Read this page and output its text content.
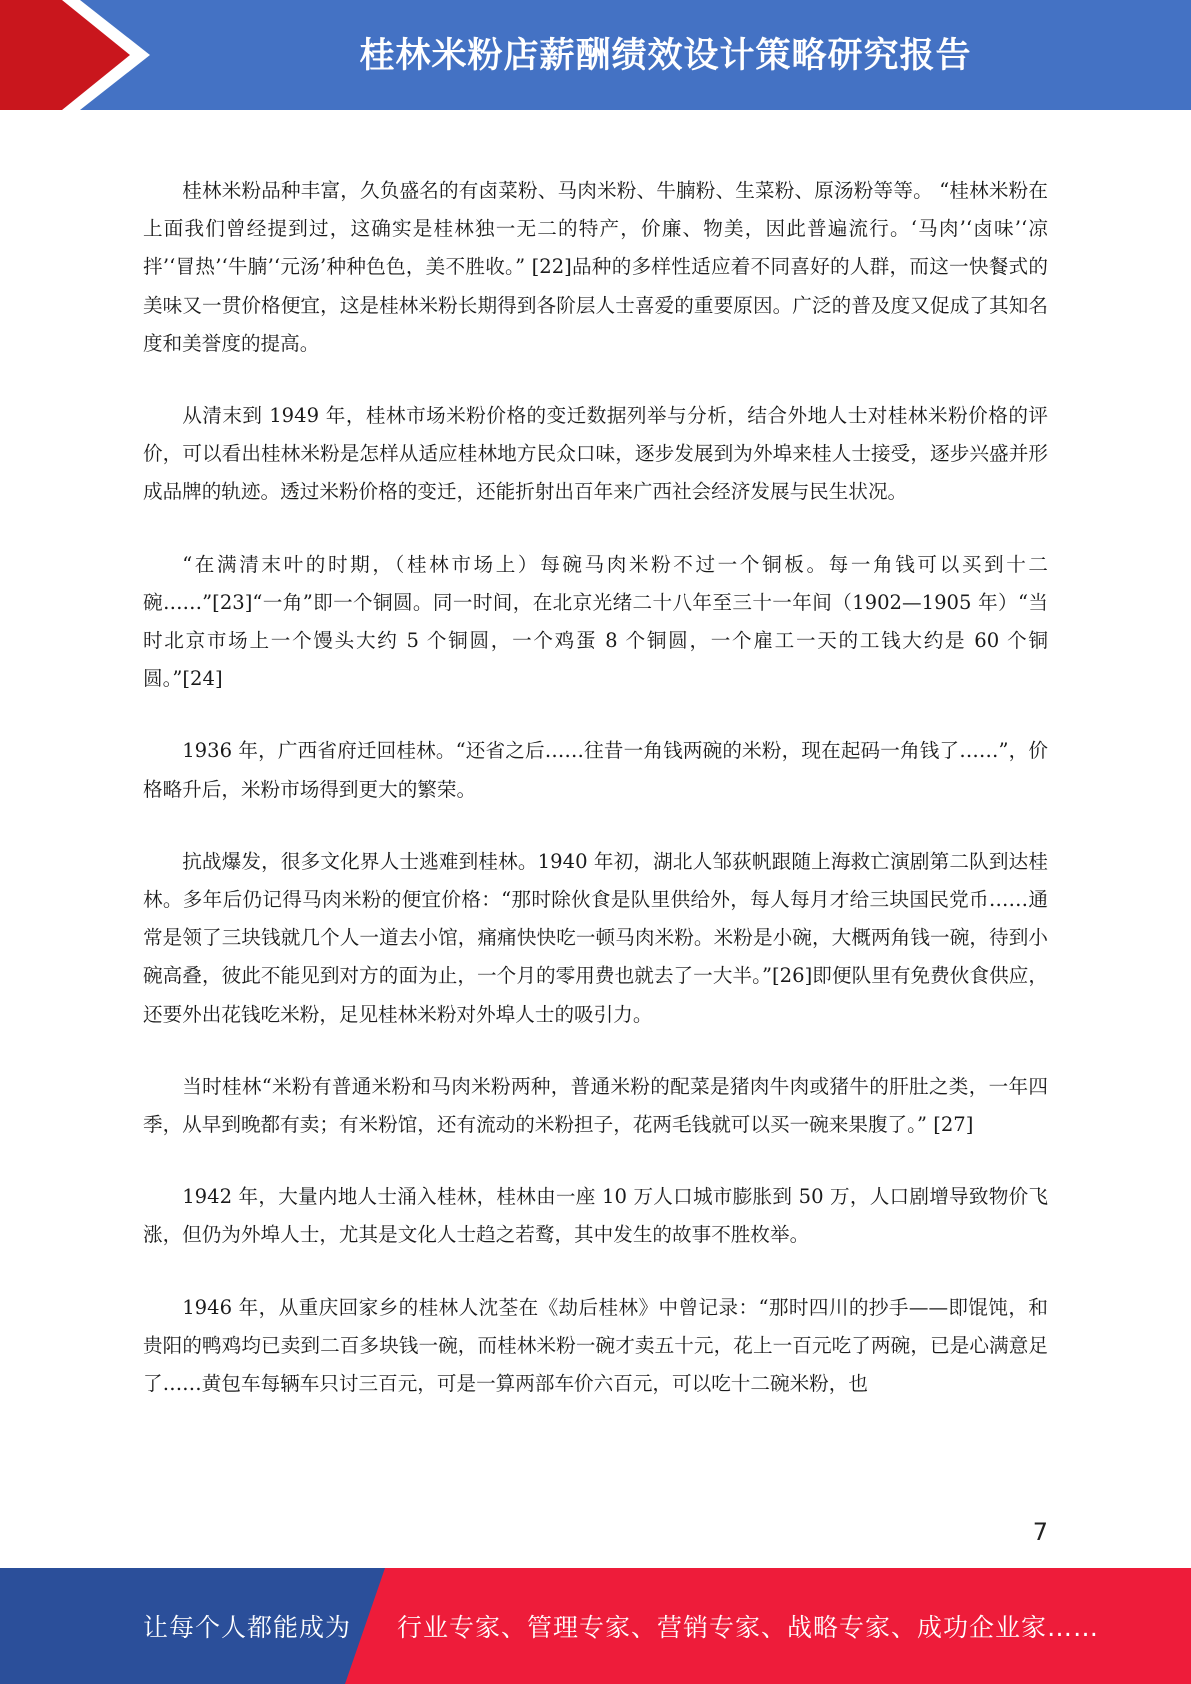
桂林米粉店薪酬绩效设计策略研究报告

桂林米粉品种丰富，久负盛名的有卤菜粉、马肉米粉、牛腩粉、生菜粉、原汤粉等等。 “桂林米粉在上面我们曾经提到过，这确实是桂林独一无二的特产，价廉、物美，因此普遍流行。‘马肉’‘卤味’‘凉拌’‘冒热’‘牛腩’‘元汤’种种色色，美不胜收。” [22]品种的多样性适应着不同喜好的人群，而这一快餐式的美味又一贯价格便宜，这是桂林米粉长期得到各阶层人士喜爱的重要原因。广泛的普及度又促成了其知名度和美誉度的提高。

从清末到 1949 年，桂林市场米粉价格的变迁数据列举与分析，结合外地人士对桂林米粉价格的评价，可以看出桂林米粉是怎样从适应桂林地方民众口味，逐步发展到为外埠来桂人士接受，逐步兴盛并形成品牌的轨迹。透过米粉价格的变迁，还能折射出百年来广西社会经济发展与民生状况。

“在满清末叶的时期，（桂林市场上）每碗马肉米粉不过一个铜板。每一角钱可以买到十二碗……”[23]“一角”即一个铜圆。同一时间，在北京光绪二十八年至三十一年间（1902—1905 年）“当时北京市场上一个馒头大约 5 个铜圆，一个鸡蛋 8 个铜圆，一个雇工一天的工钱大约是 60 个铜圆。”[24]

1936 年，广西省府迁回桂林。“还省之后……往昔一角钱两碗的米粉，现在起码一角钱了……”，价格略升后，米粉市场得到更大的繁荣。

抗战爆发，很多文化界人士逃难到桂林。1940 年初，湖北人邹荻帆跟随上海救亡演剧第二队到达桂林。多年后仍记得马肉米粉的便宜价格：“那时除伙食是队里供给外，每人每月才给三块国民党币……通常是领了三块钱就几个人一道去小馆，痛痛快快吃一顿马肉米粉。米粉是小碗，大概两角钱一碗，待到小碗高叠，彼此不能见到对方的面为止，一个月的零用费也就去了一大半。”[26]即便队里有免费伙食供应，还要外出花钱吃米粉，足见桂林米粉对外埠人士的吸引力。

当时桂林“米粉有普通米粉和马肉米粉两种，普通米粉的配菜是猪肉牛肉或猪牛的肝肚之类，一年四季，从早到晚都有卖；有米粉馆，还有流动的米粉担子，花两毛钱就可以买一碗来果腹了。” [27]

1942 年，大量内地人士涌入桂林，桂林由一座 10 万人口城市膨胀到 50 万，人口剧增导致物价飞涨，但仍为外埠人士，尤其是文化人士趋之若鹜，其中发生的故事不胜枚举。

1946 年，从重庆回家乡的桂林人沈荃在《劫后桂林》中曾记录：“那时四川的抄手——即馄饨，和贵阳的鸭鸡均已卖到二百多块钱一碗，而桂林米粉一碗才卖五十元，花上一百元吃了两碗，已是心满意足了……黄包车每辆车只讨三百元，可是一算两部车价六百元，可以吃十二碗米粉，也

7
让每个人都能成为 行业专家、管理专家、营销专家、战略专家、成功企业家……
